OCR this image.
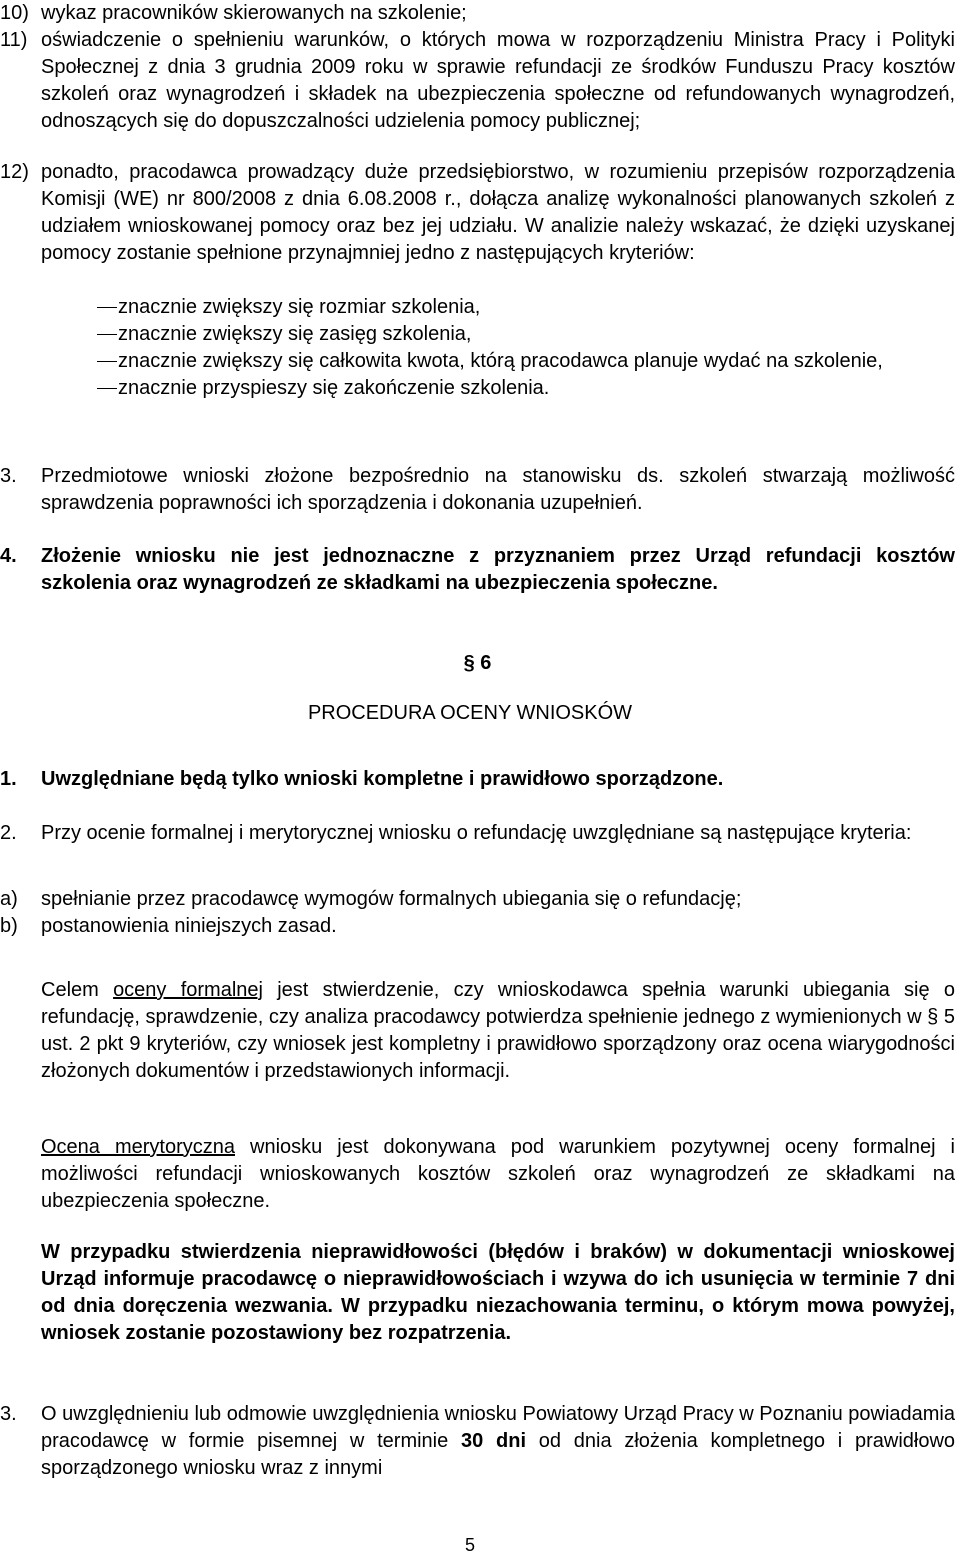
10) wykaz pracowników skierowanych na szkolenie;
11) oświadczenie o spełnieniu warunków, o których mowa w rozporządzeniu Ministra Pracy i Polityki Społecznej z dnia 3 grudnia 2009 roku w sprawie refundacji ze środków Funduszu Pracy kosztów szkoleń oraz wynagrodzeń i składek na ubezpieczenia społeczne od refundowanych wynagrodzeń, odnoszących się do dopuszczalności udzielenia pomocy publicznej;
12) ponadto, pracodawca prowadzący duże przedsiębiorstwo, w rozumieniu przepisów rozporządzenia Komisji (WE) nr 800/2008 z dnia 6.08.2008 r., dołącza analizę wykonalności planowanych szkoleń z udziałem wnioskowanej pomocy oraz bez jej udziału. W analizie należy wskazać, że dzięki uzyskanej pomocy zostanie spełnione przynajmniej jedno z następujących kryteriów:
znacznie zwiększy się rozmiar szkolenia,
znacznie zwiększy się zasięg szkolenia,
znacznie zwiększy się całkowita kwota, którą pracodawca planuje wydać na szkolenie,
znacznie przyspieszy się zakończenie szkolenia.
3.	Przedmiotowe wnioski złożone bezpośrednio na stanowisku ds. szkoleń stwarzają możliwość sprawdzenia poprawności ich sporządzenia i dokonania uzupełnień.
4.	Złożenie wniosku nie jest jednoznaczne z przyznaniem przez Urząd refundacji kosztów szkolenia oraz wynagrodzeń ze składkami na ubezpieczenia społeczne.
§ 6
PROCEDURA OCENY WNIOSKÓW
1.	Uwzględniane będą tylko wnioski kompletne i prawidłowo sporządzone.
2.	Przy ocenie formalnej i merytorycznej wniosku o refundację uwzględniane są następujące kryteria:
a)	spełnianie przez pracodawcę wymogów formalnych ubiegania się o refundację;
b)	postanowienia niniejszych zasad.

Celem oceny formalnej jest stwierdzenie, czy wnioskodawca spełnia warunki ubiegania się o refundację, sprawdzenie, czy analiza pracodawcy potwierdza spełnienie jednego z wymienionych w § 5 ust. 2 pkt 9 kryteriów, czy wniosek jest kompletny i prawidłowo sporządzony oraz ocena wiarygodności złożonych dokumentów i przedstawionych informacji.

Ocena merytoryczna wniosku jest dokonywana pod warunkiem pozytywnej oceny formalnej i możliwości refundacji wnioskowanych kosztów szkoleń oraz wynagrodzeń ze składkami na ubezpieczenia społeczne.

W przypadku stwierdzenia nieprawidłowości (błędów i braków) w dokumentacji wnioskowej Urząd informuje pracodawcę o nieprawidłowościach i wzywa do ich usunięcia w terminie 7 dni od dnia doręczenia wezwania. W przypadku niezachowania terminu, o którym mowa powyżej, wniosek zostanie pozostawiony bez rozpatrzenia.

3.	O uwzględnieniu lub odmowie uwzględnienia wniosku Powiatowy Urząd Pracy w Poznaniu powiadamia pracodawcę w formie pisemnej w terminie 30 dni od dnia złożenia kompletnego i prawidłowo sporządzonego wniosku wraz z innymi
5
